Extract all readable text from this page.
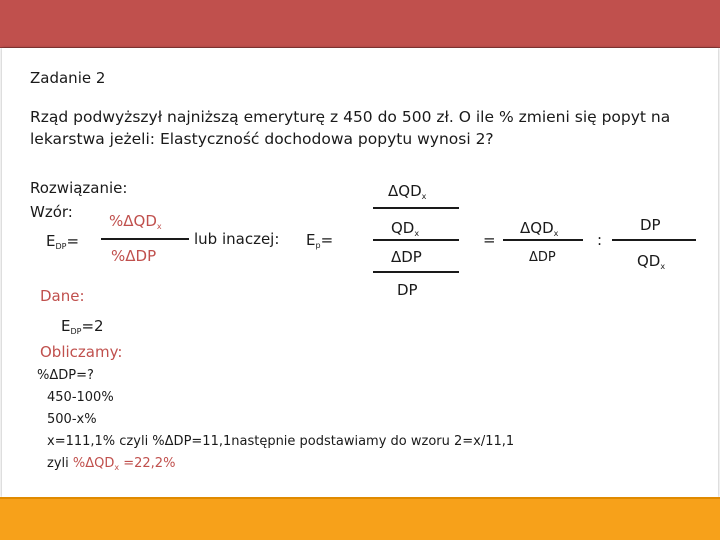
Zadanie 2
Rząd podwyższył najniższą emeryturę z 450 do 500 zł. O ile % zmieni się popyt na
lekarstwa jeżeli: Elastyczność dochodowa popytu wynosi 2?
Rozwiązanie:
Wzór: $\%\Delta QD_x$
$E_{DP}=$
%ΔDP
lub inaczej: $E_p=$
$\Delta QD_x$
$QD_x$
ΔDP
DP
=
$\Delta QD_x$
ΔDP
:
DP
$QD_x$
Dane:
$E_{DP}=2$
Obliczamy:
%ΔDP=?
450-100%
500-x%
x=111,1% czyli %ΔDP=11,1następnie podstawiamy do wzoru 2=x/11,1
zyli $\%\Delta QD_x =22,2\%$
